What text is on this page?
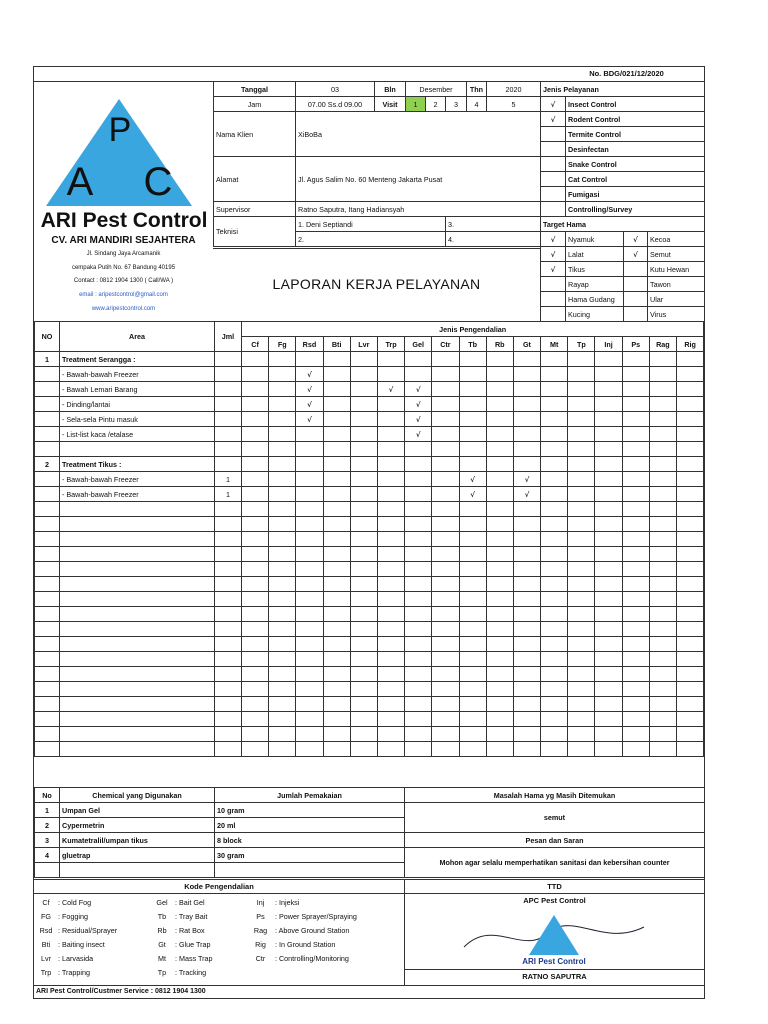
No. BDG/021/12/2020
P
A C
ARI Pest Control
CV. ARI MANDIRI SEJAHTERA
Jl. Sindang Jaya Arcamanik
cempaka Putih No. 67 Bandung 40195
Contact : 0812 1904 1300 ( Call/WA )
email : aripestcontrol@gmail.com
www.aripestcontrol.com
Tanggal	03	Bln	Desember			Thn	2020
Jam	07.00 Ss.d 09.00	Visit	1	2	3	4	5
Nama Klien	XiBoBa						
Alamat	Jl. Agus Salim No. 60 Menteng Jakarta Pusat						
Supervisor	Ratno Saputra, Itang Hadiansyah						
Teknisi	1. Deni Septiandi				3.		
	2.				4.		
Jenis Pelayanan			
√	Insect Control		
√	Rodent Control		
	Termite Control		
	Desinfectan		
	Snake Control		
	Cat Control		
	Fumigasi		
	Controlling/Survey		
Target Hama			
√	Nyamuk	√	Kecoa
√	Lalat	√	Semut
√	Tikus		Kutu Hewan
	Rayap		Tawon
	Hama Gudang		Ular
	Kucing		Virus
LAPORAN KERJA PELAYANAN
NO	Area	Jml	Jenis Pengendalian																
			Cf	Fg	Rsd	Bti	Lvr	Trp	Gel	Ctr	Tb	Rb	Gt	Mt	Tp	Inj	Ps	Rag	Rig
1	Treatment Serangga :																		
	- Bawah-bawah Freezer				√														
	- Bawah Lemari Barang				√			√	√										
	- Dinding/lantai				√				√										
	- Sela-sela Pintu masuk				√				√										
	- List-list kaca /etalase								√										

2	Treatment Tikus :																		
	- Bawah-bawah Freezer	1									√		√						
	- Bawah-bawah Freezer	1									√		√						

No	Chemical yang Digunakan	Jumlah Pemakaian	Masalah Hama yg Masih Ditemukan
1	Umpan Gel	10 gram	semut
2	Cypermetrin	20 ml	
3	Kumatetralil/umpan tikus	8 block	Pesan dan Saran
4	gluetrap	30 gram	Mohon agar selalu memperhatikan sanitasi dan kebersihan counter

Kode Pengendalian
Cf	: Cold Fog	Gel	: Bait Gel	Inj	: Injeksi
FG	: Fogging	Tb	: Tray Bait	Ps	: Power Sprayer/Spraying
Rsd	: Residual/Sprayer	Rb	: Rat Box	Rag	: Above Ground Station
Bti	: Baiting insect	Gt	: Glue Trap	Rig	: In Ground Station
Lvr	: Larvasida	Mt	: Mass Trap	Ctr	: Controlling/Monitoring
Trp	: Trapping	Tp	: Tracking		
TTD
APC Pest Control
ARI Pest Control
RATNO SAPUTRA
ARI Pest Control/Custmer Service : 0812 1904 1300
